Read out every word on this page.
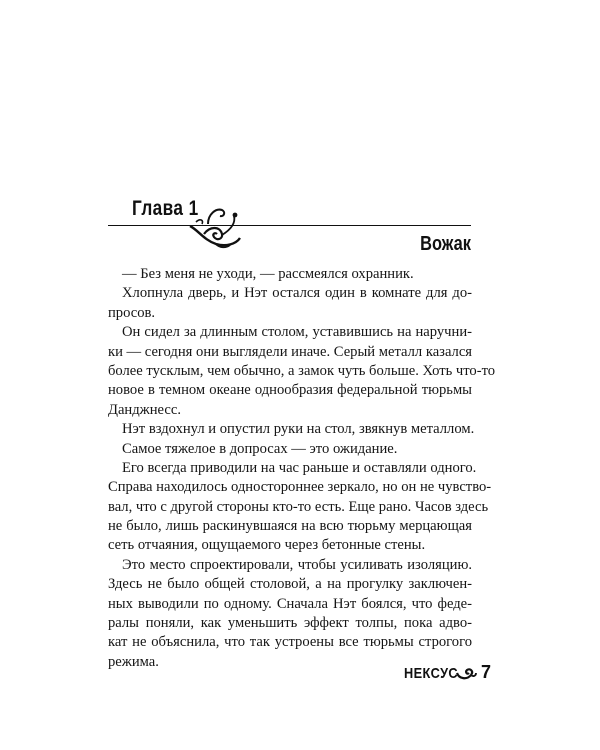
Глава 1
Вожак
— Без меня не уходи, — рассмеялся охранник.
Хлопнула дверь, и Нэт остался один в комнате для до-
просов.
Он сидел за длинным столом, уставившись на наручни-
ки — сегодня они выглядели иначе. Серый металл казался
более тусклым, чем обычно, а замок чуть больше. Хоть что-то
новое в темном океане однообразия федеральной тюрьмы
Данджнесс.
Нэт вздохнул и опустил руки на стол, звякнув металлом.
Самое тяжелое в допросах — это ожидание.
Его всегда приводили на час раньше и оставляли одного.
Справа находилось одностороннее зеркало, но он не чувство-
вал, что с другой стороны кто-то есть. Еще рано. Часов здесь
не было, лишь раскинувшаяся на всю тюрьму мерцающая
сеть отчаяния, ощущаемого через бетонные стены.
Это место спроектировали, чтобы усиливать изоляцию.
Здесь не было общей столовой, а на прогулку заключен-
ных выводили по одному. Сначала Нэт боялся, что федe-
ралы поняли, как уменьшить эффект толпы, пока адво-
кат не объяснила, что так устроены все тюрьмы строгого
режима.
НЕКСУС 7
